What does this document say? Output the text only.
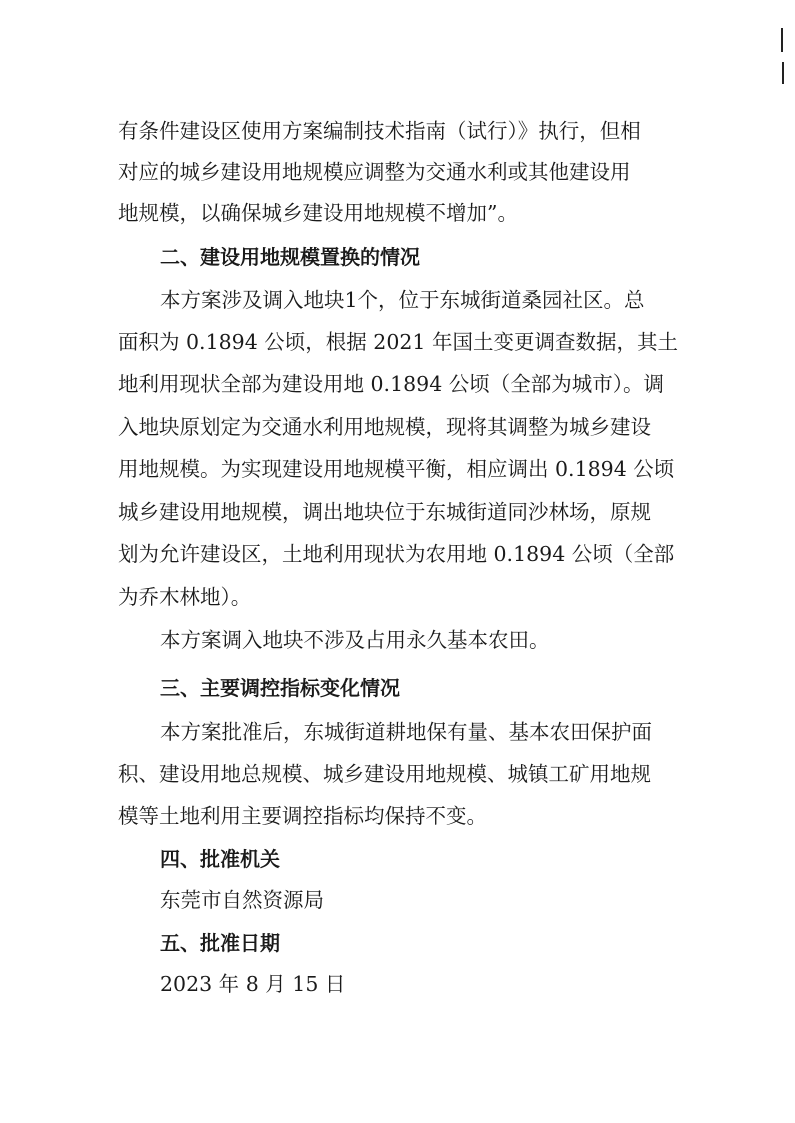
有条件建设区使用方案编制技术指南（试行）》执行，但相
对应的城乡建设用地规模应调整为交通水利或其他建设用
地规模，以确保城乡建设用地规模不增加”。
二、建设用地规模置换的情况
本方案涉及调入地块1个，位于东城街道桑园社区。总
面积为 0.1894 公顷，根据 2021 年国土变更调查数据，其土
地利用现状全部为建设用地 0.1894 公顷（全部为城市）。调
入地块原划定为交通水利用地规模，现将其调整为城乡建设
用地规模。为实现建设用地规模平衡，相应调出 0.1894 公顷
城乡建设用地规模，调出地块位于东城街道同沙林场，原规
划为允许建设区，土地利用现状为农用地 0.1894 公顷（全部
为乔木林地）。
本方案调入地块不涉及占用永久基本农田。
三、主要调控指标变化情况
本方案批准后，东城街道耕地保有量、基本农田保护面
积、建设用地总规模、城乡建设用地规模、城镇工矿用地规
模等土地利用主要调控指标均保持不变。
四、批准机关
东莞市自然资源局
五、批准日期
2023 年 8 月 15 日
